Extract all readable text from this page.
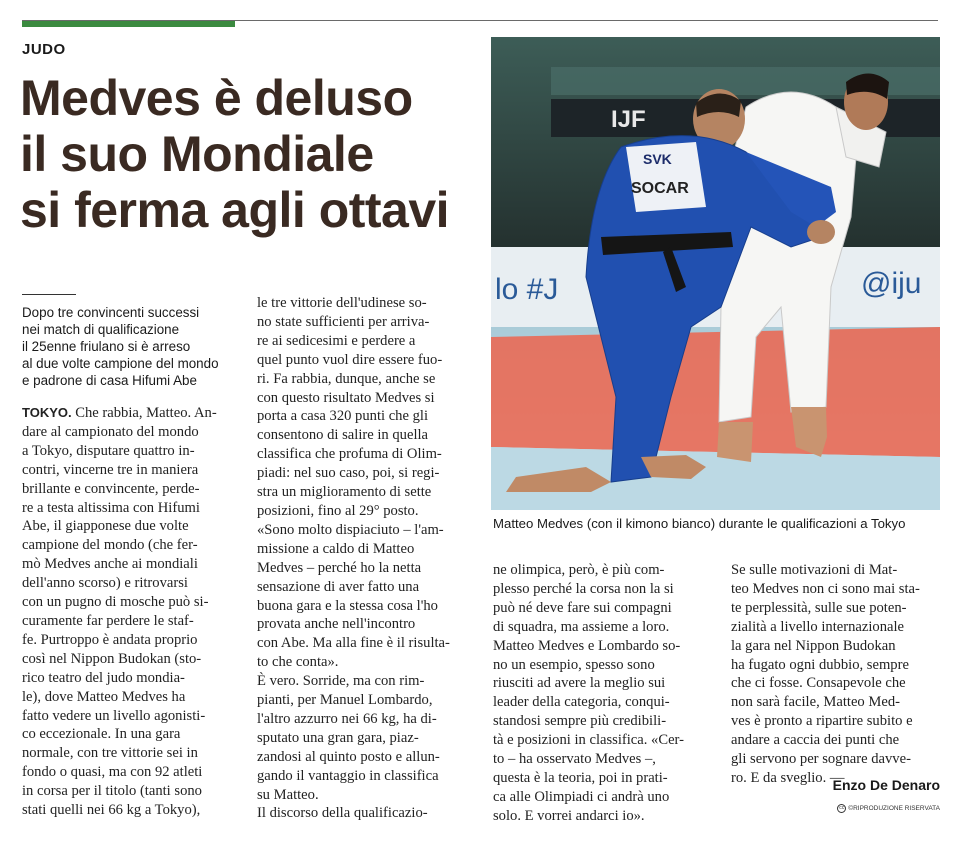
JUDO
Medves è deluso
il suo Mondiale
si ferma agli ottavi
Dopo tre convincenti successi
nei match di qualificazione
il 25enne friulano si è arreso
al due volte campione del mondo
e padrone di casa Hifumi Abe
TOKYO. Che rabbia, Matteo. An-
dare al campionato del mondo
a Tokyo, disputare quattro in-
contri, vincerne tre in maniera
brillante e convincente, perde-
re a testa altissima con Hifumi
Abe, il giapponese due volte
campione del mondo (che fer-
mò Medves anche ai mondiali
dell'anno scorso) e ritrovarsi
con un pugno di mosche può si-
curamente far perdere le staf-
fe. Purtroppo è andata proprio
così nel Nippon Budokan (sto-
rico teatro del judo mondia-
le), dove Matteo Medves ha
fatto vedere un livello agonisti-
co eccezionale. In una gara
normale, con tre vittorie sei in
fondo o quasi, ma con 92 atleti
in corsa per il titolo (tanti sono
stati quelli nei 66 kg a Tokyo),
le tre vittorie dell'udinese so-
no state sufficienti per arriva-
re ai sedicesimi e perdere a
quel punto vuol dire essere fuo-
ri. Fa rabbia, dunque, anche se
con questo risultato Medves si
porta a casa 320 punti che gli
consentono di salire in quella
classifica che profuma di Olim-
piadi: nel suo caso, poi, si regi-
stra un miglioramento di sette
posizioni, fino al 29° posto.
«Sono molto dispiaciuto – l'am-
missione a caldo di Matteo
Medves – perché ho la netta
sensazione di aver fatto una
buona gara e la stessa cosa l'ho
provata anche nell'incontro
con Abe. Ma alla fine è il risulta-
to che conta».
È vero. Sorride, ma con rim-
pianti, per Manuel Lombardo,
l'altro azzurro nei 66 kg, ha di-
sputato una gran gara, piaz-
zandosi al quinto posto e allun-
gando il vantaggio in classifica
su Matteo.
Il discorso della qualificazio-
ne olimpica, però, è più com-
plesso perché la corsa non la si
può né deve fare sui compagni
di squadra, ma assieme a loro.
Matteo Medves e Lombardo so-
no un esempio, spesso sono
riusciti ad avere la meglio sui
leader della categoria, conqui-
standosi sempre più credibili-
tà e posizioni in classifica. «Cer-
to – ha osservato Medves –,
questa è la teoria, poi in prati-
ca alle Olimpiadi ci andrà uno
solo. E vorrei andarci io».
Se sulle motivazioni di Mat-
teo Medves non ci sono mai sta-
te perplessità, sulle sue poten-
zialità a livello internazionale
la gara nel Nippon Budokan
ha fugato ogni dubbio, sempre
che ci fosse. Consapevole che
non sarà facile, Matteo Med-
ves è pronto a ripartire subito e
andare a caccia dei punti che
gli servono per sognare davve-
ro. E da sveglio. —
IJF
lo #J	@iju
SVK
SOCAR
Matteo Medves (con il kimono bianco) durante le qualificazioni a Tokyo
Enzo De Denaro
cc ©RIPRODUZIONE RISERVATA
